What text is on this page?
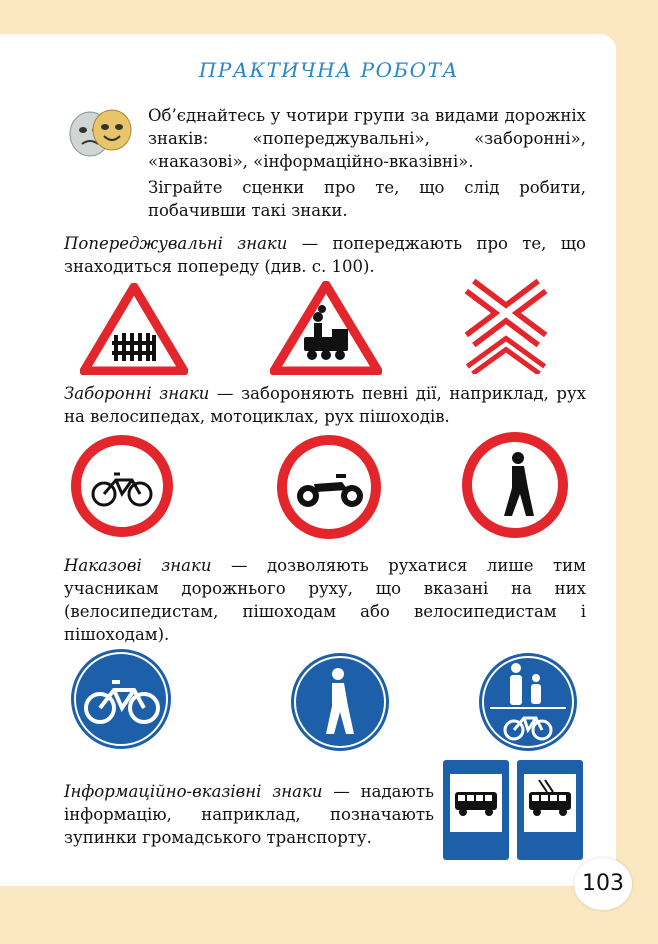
ПРАКТИЧНА РОБОТА

Об’єднайтесь у чотири групи за видами дорожніх знаків: «попереджувальні», «заборонні», «наказові», «інформаційно-вказівні».

Зіграйте сценки про те, що слід робити, побачивши такі знаки.

Попереджувальні знаки — попереджають про те, що знаходиться попереду (див. с. 100).

Заборонні знаки — забороняють певні дії, наприклад, рух на велосипедах, мотоциклах, рух пішоходів.

Наказові знаки — дозволяють рухатися лише тим учасникам дорожнього руху, що вказані на них (велосипедистам, пішоходам або велосипедистам і пішоходам).

Інформаційно-вказівні знаки — надають інформацію, наприклад, позначають зупинки громадського транспорту.

103
